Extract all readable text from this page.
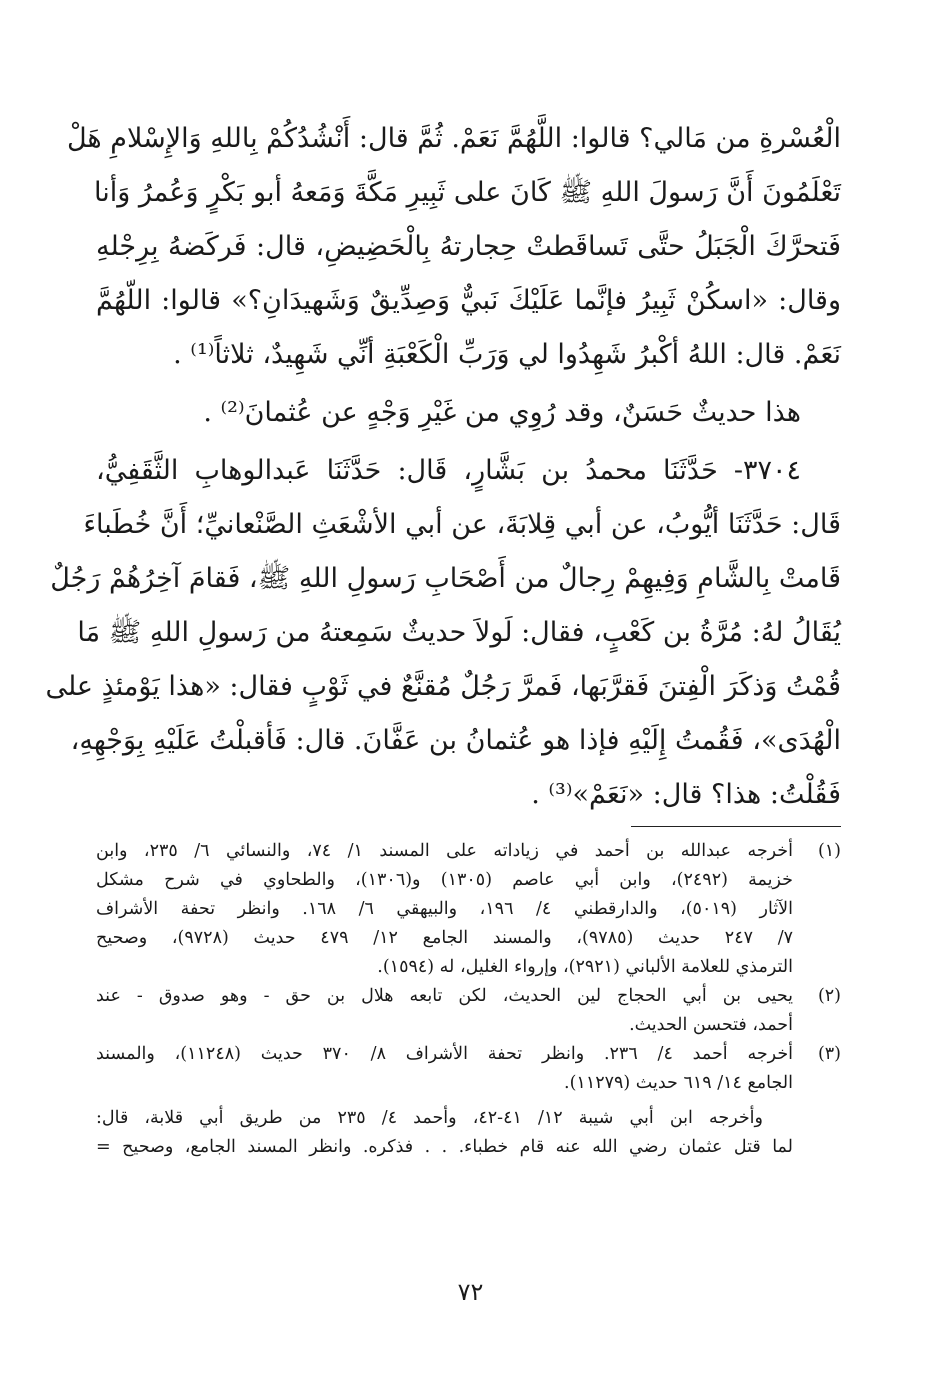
الْعُسْرةِ من مَالي؟ قالوا: اللَّهُمَّ نَعَمْ. ثُمَّ قال: أَنْشُدُكُمْ بِاللهِ وَالإِسْلامِ هَلْ
تَعْلَمُونَ أَنَّ رَسولَ اللهِ ﷺ كَانَ على ثَبِيرِ مَكَّةَ وَمَعهُ أبو بَكْرٍ وَعُمرُ وَأنا
فَتحرَّكَ الْجَبَلُ حتَّى تَساقَطتْ حِجارتهُ بِالْحَضِيضِ، قال: فَركَضهُ بِرِجْلهِ
وقال: «اسكُنْ ثَبِيرُ فإنَّما عَلَيْكَ نَبيٌّ وَصِدِّيقٌ وَشَهيدَانِ؟» قالوا: اللّهُمَّ
نَعَمْ. قال: اللهُ أكْبرُ شَهِدُوا لي وَرَبِّ الْكَعْبَةِ أنِّي شَهِيدٌ، ثلاثاً⁽¹⁾ .
هذا حديثٌ حَسَنٌ، وقد رُوِي من غَيْرِ وَجْهٍ عن عُثمانَ⁽²⁾ .
٣٧٠٤- حَدَّثَنَا محمدُ بن بَشَّارٍ، قَال: حَدَّثَنَا عَبدالوهابِ الثَّقَفِيُّ،
قَال: حَدَّثَنَا أيُّوبُ، عن أبي قِلابَةَ، عن أبي الأشْعَثِ الصَّنْعانيِّ؛ أَنَّ خُطَباءَ
قَامتْ بِالشَّامِ وَفِيهِمْ رِجالٌ من أَصْحَابِ رَسولِ اللهِ ﷺ، فَقامَ آخِرُهُمْ رَجُلٌ
يُقَالُ لهُ: مُرَّةُ بن كَعْبٍ، فقال: لَولاَ حديثٌ سَمِعتهُ من رَسولِ اللهِ ﷺ مَا
قُمْتُ وَذكَرَ الْفِتنَ فَقرَّبَها، فَمرَّ رَجُلٌ مُقنَّعٌ في ثَوْبٍ فقال: «هذا يَوْمئذٍ على
الْهُدَى»، فَقُمتُ إِلَيْهِ فإذا هو عُثمانُ بن عَفَّانَ. قال: فَأقبلْتُ عَلَيْهِ بِوَجْهِهِ،
فَقُلْتُ: هذا؟ قال: «نَعَمْ»⁽³⁾ .
(١)
أخرجه عبدالله بن أحمد في زياداته على المسند ١/ ٧٤، والنسائي ٦/ ٢٣٥، وابن
خزيمة (٢٤٩٢)، وابن أبي عاصم (١٣٠٥) و(١٣٠٦)، والطحاوي في شرح مشكل
الآثار (٥٠١٩)، والدارقطني ٤/ ١٩٦، والبيهقي ٦/ ١٦٨. وانظر تحفة الأشراف
٧/ ٢٤٧ حديث (٩٧٨٥)، والمسند الجامع ١٢/ ٤٧٩ حديث (٩٧٢٨)، وصحيح
الترمذي للعلامة الألباني (٢٩٢١)، وإرواء الغليل، له (١٥٩٤).
(٢)
يحيى بن أبي الحجاج لين الحديث، لكن تابعه هلال بن حق - وهو صدوق - عند
أحمد، فتحسن الحديث.
(٣)
أخرجه أحمد ٤/ ٢٣٦. وانظر تحفة الأشراف ٨/ ٣٧٠ حديث (١١٢٤٨)، والمسند
الجامع ١٤/ ٦١٩ حديث (١١٢٧٩).
وأخرجه ابن أبي شيبة ١٢/ ٤١-٤٢، وأحمد ٤/ ٢٣٥ من طريق أبي قلابة، قال:
لما قتل عثمان رضي الله عنه قام خطباء. . . فذكره. وانظر المسند الجامع، وصحيح =
٧٢
